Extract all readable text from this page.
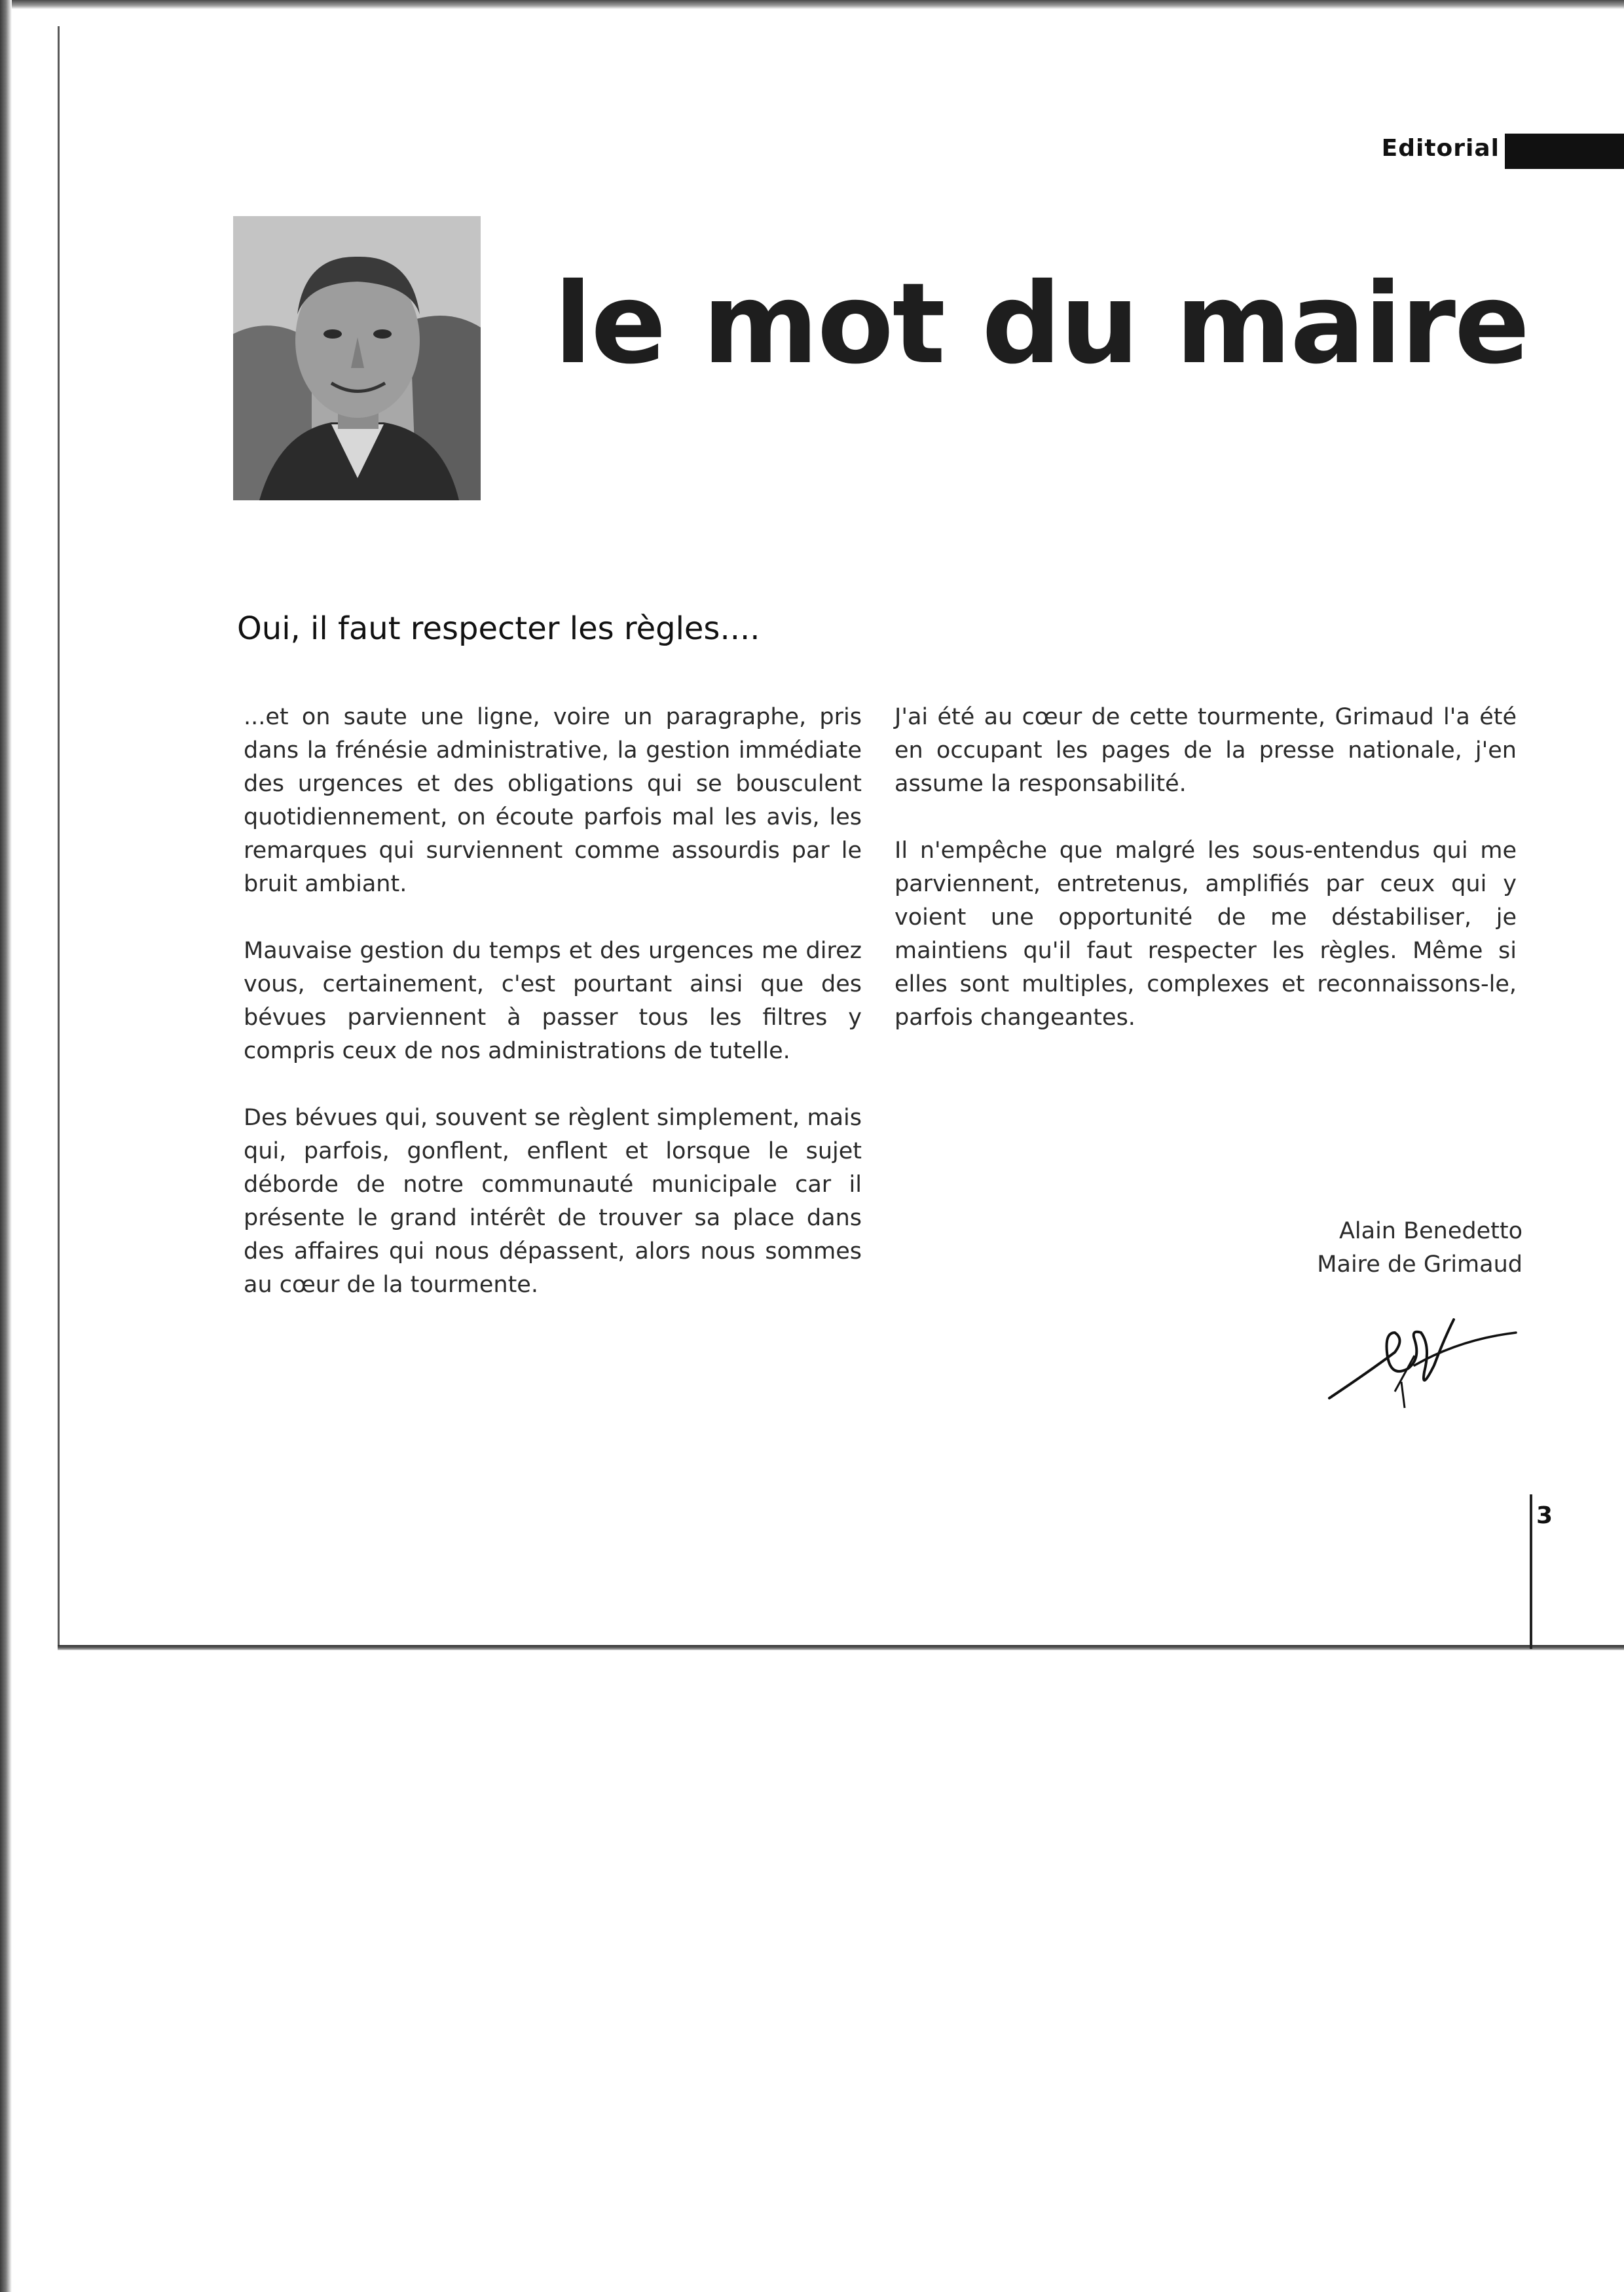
Editorial
le mot du maire
Oui, il faut respecter les règles....

...et on saute une ligne, voire un paragraphe, pris dans la frénésie administrative, la gestion immédiate des urgences et des obligations qui se bousculent quotidiennement, on écoute parfois mal les avis, les remarques qui surviennent comme assourdis par le bruit ambiant.

Mauvaise gestion du temps et des urgences me direz vous, certainement, c'est pourtant ainsi que des bévues parviennent à passer tous les filtres y compris ceux de nos administrations de tutelle.

Des bévues qui, souvent se règlent simplement, mais qui, parfois, gonflent, enflent et lorsque le sujet déborde de notre communauté municipale car il présente le grand intérêt de trouver sa place dans des affaires qui nous dépassent, alors nous sommes au cœur de la tourmente.

J'ai été au cœur de cette tourmente, Grimaud l'a été en occupant les pages de la presse nationale, j'en assume la responsabilité.

Il n'empêche que malgré les sous-entendus qui me parviennent, entretenus, amplifiés par ceux qui y voient une opportunité de me déstabiliser, je maintiens qu'il faut respecter les règles. Même si elles sont multiples, complexes et reconnaissons-le, parfois changeantes.

Alain Benedetto
Maire de Grimaud
3
